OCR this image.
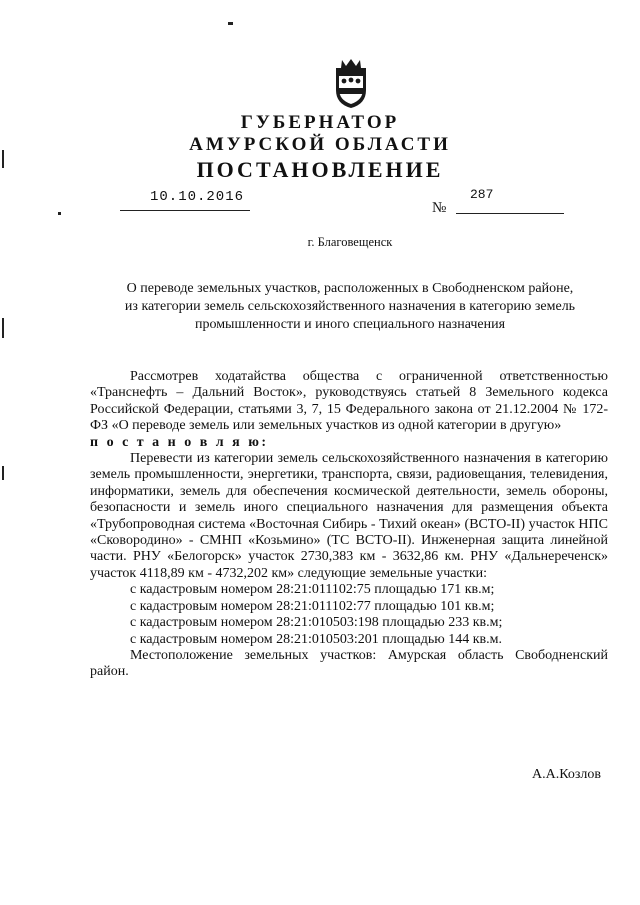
ГУБЕРНАТОР
АМУРСКОЙ ОБЛАСТИ
ПОСТАНОВЛЕНИЕ
10.10.2016
№
287
г. Благовещенск
О переводе земельных участков, расположенных в Свободненском районе,
из категории земель сельскохозяйственного назначения в категорию земель
промышленности и иного специального назначения

Рассмотрев ходатайства общества с ограниченной ответственностью «Транснефть – Дальний Восток», руководствуясь статьей 8 Земельного кодекса Российской Федерации, статьями 3, 7, 15 Федерального закона от 21.12.2004 № 172-ФЗ «О переводе земель или земельных участков из одной категории в другую»

п о с т а н о в л я ю:

Перевести из категории земель сельскохозяйственного назначения в категорию земель промышленности, энергетики, транспорта, связи, радиовещания, телевидения, информатики, земель для обеспечения космической деятельности, земель обороны, безопасности и земель иного специального назначения для размещения объекта «Трубопроводная система «Восточная Сибирь - Тихий океан» (ВСТО-II) участок НПС «Сковородино» - СМНП «Козьмино» (ТС ВСТО-II). Инженерная защита линейной части. РНУ «Белогорск» участок 2730,383 км - 3632,86 км. РНУ «Дальнереченск» участок 4118,89 км - 4732,202 км» следующие земельные участки:

с кадастровым номером 28:21:011102:75 площадью 171 кв.м;

с кадастровым номером 28:21:011102:77 площадью 101 кв.м;

с кадастровым номером 28:21:010503:198 площадью 233 кв.м;

с кадастровым номером 28:21:010503:201 площадью 144 кв.м.

Местоположение земельных участков: Амурская область Свободненский район.

А.А.Козлов
